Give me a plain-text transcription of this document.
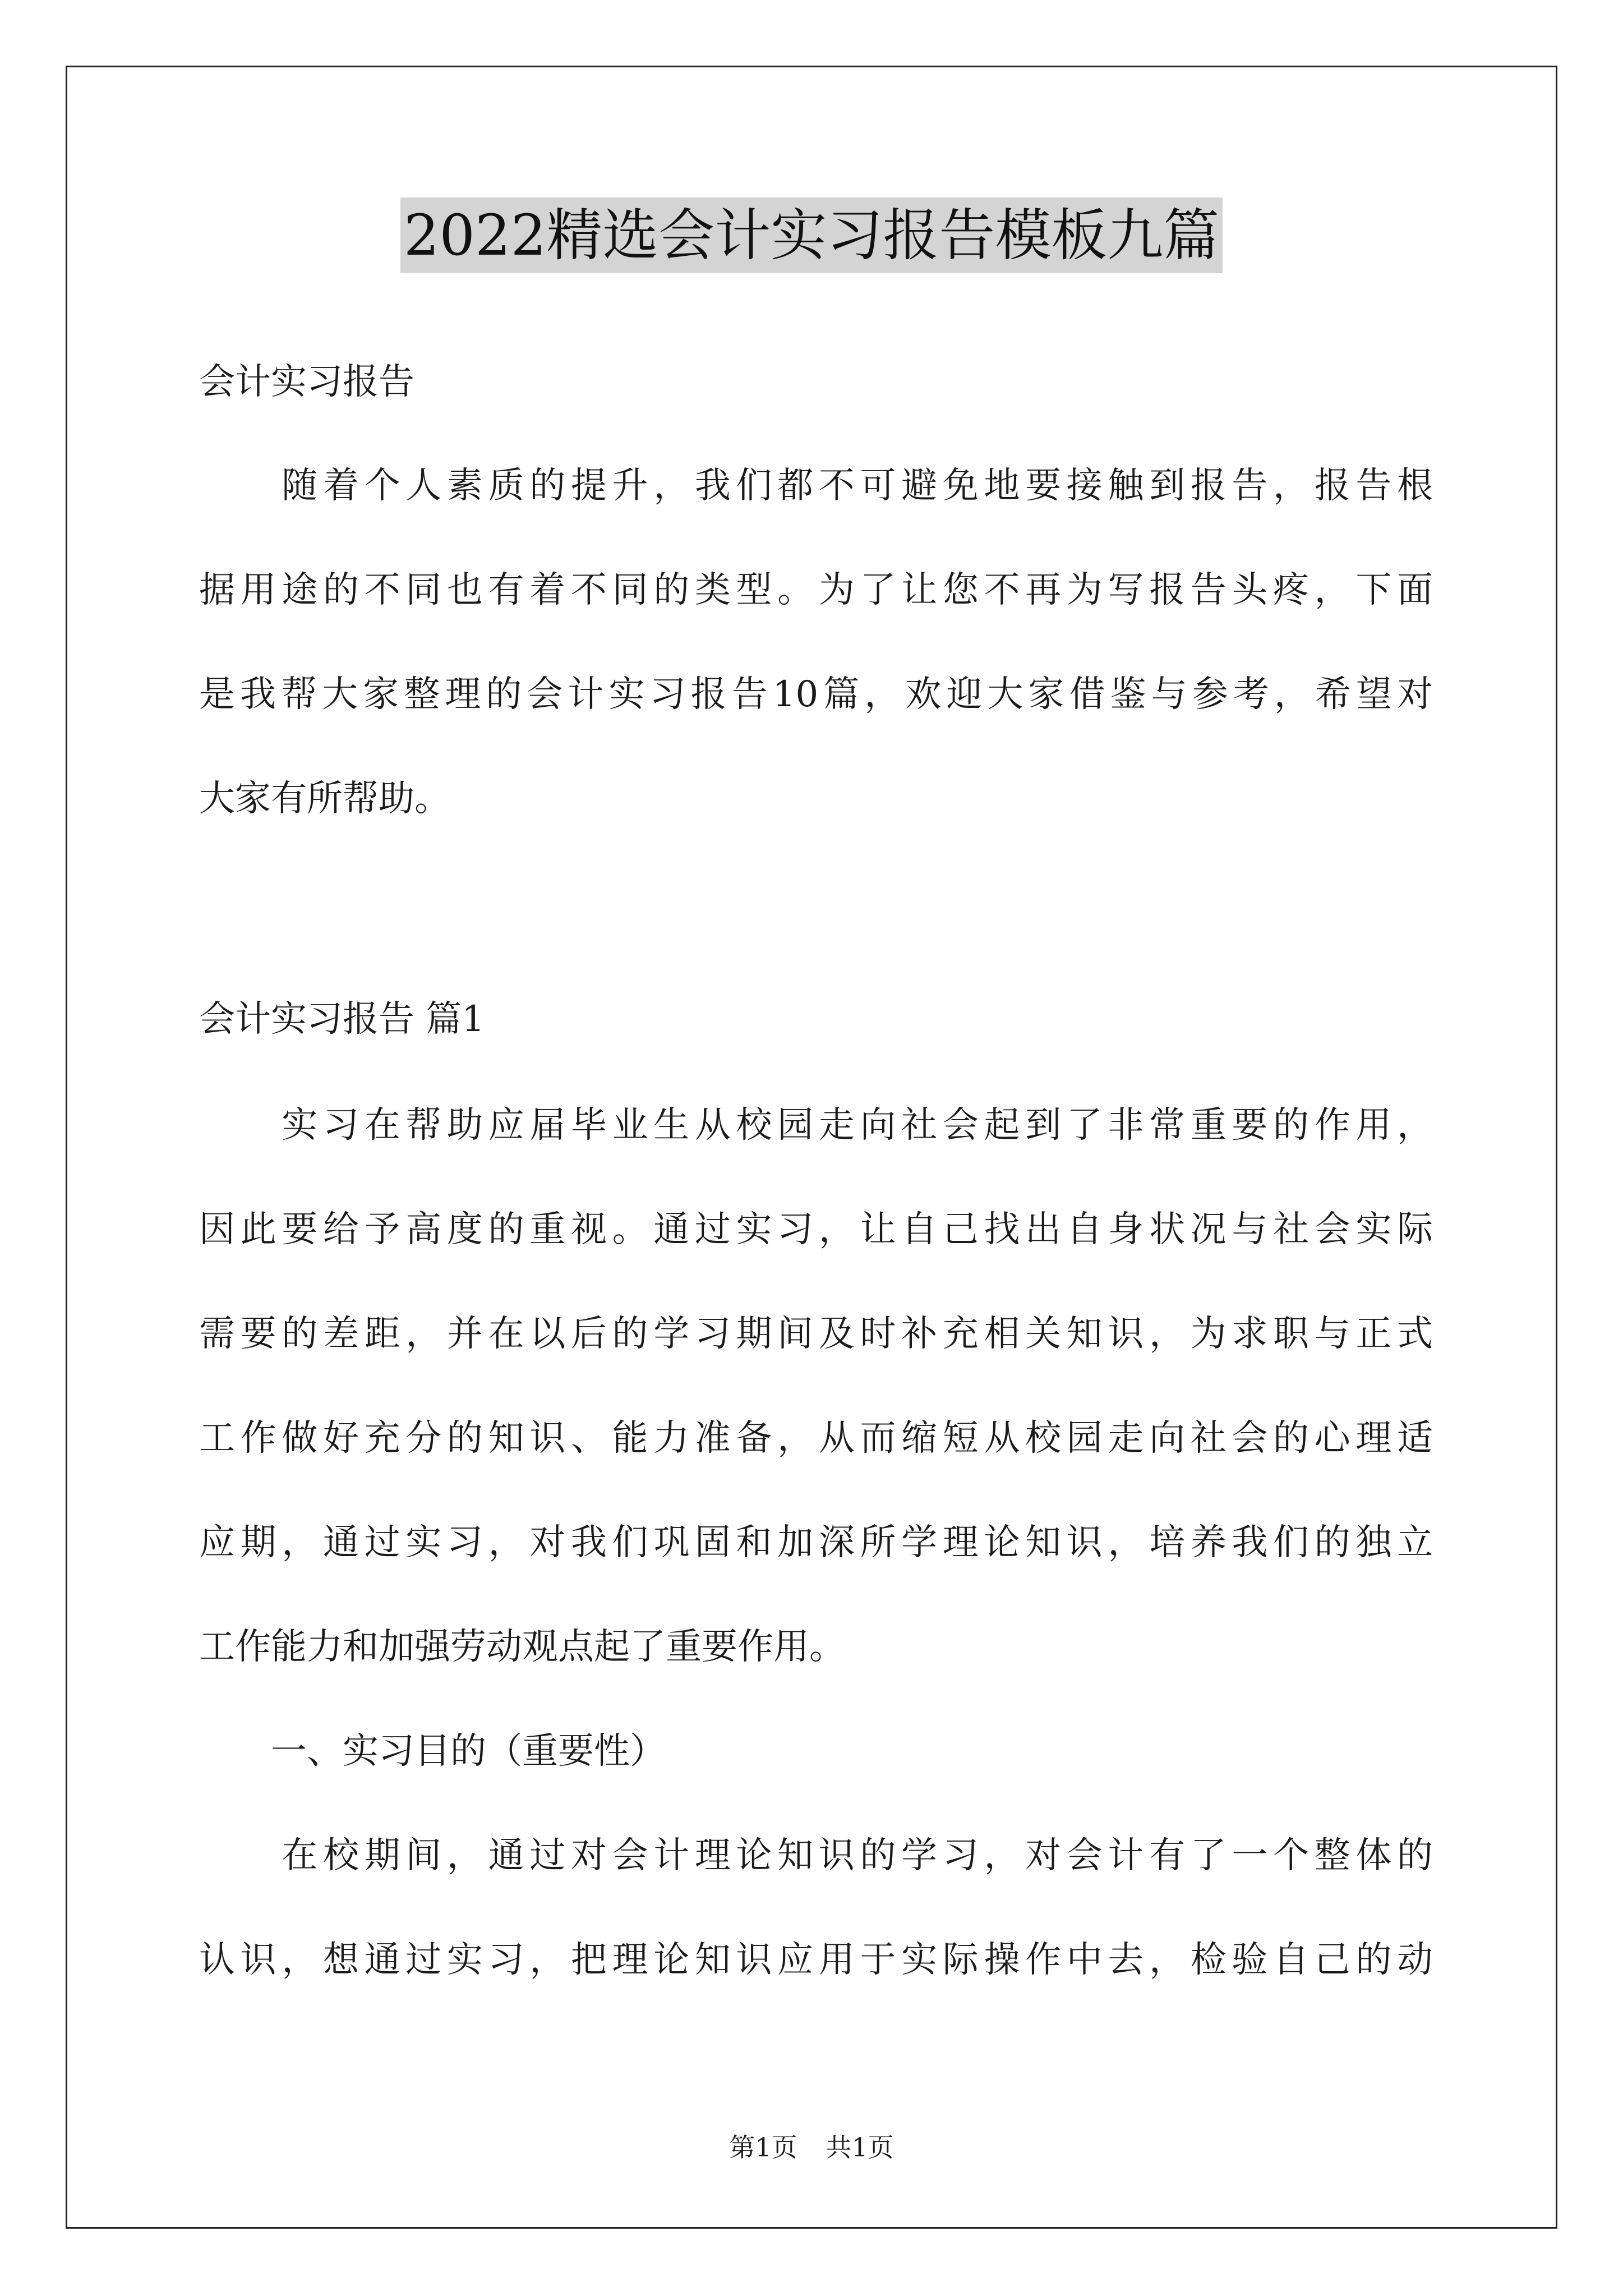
2022精选会计实习报告模板九篇
会计实习报告
　　随着个人素质的提升，我们都不可避免地要接触到报告，报告根
据用途的不同也有着不同的类型。为了让您不再为写报告头疼，下面
是我帮大家整理的会计实习报告10篇，欢迎大家借鉴与参考，希望对
大家有所帮助。
会计实习报告 篇1
　　实习在帮助应届毕业生从校园走向社会起到了非常重要的作用，
因此要给予高度的重视。通过实习，让自己找出自身状况与社会实际
需要的差距，并在以后的学习期间及时补充相关知识，为求职与正式
工作做好充分的知识、能力准备，从而缩短从校园走向社会的心理适
应期，通过实习，对我们巩固和加深所学理论知识，培养我们的独立
工作能力和加强劳动观点起了重要作用。
　　一、实习目的（重要性）
　　在校期间，通过对会计理论知识的学习，对会计有了一个整体的
认识，想通过实习，把理论知识应用于实际操作中去，检验自己的动
第1页 共1页
